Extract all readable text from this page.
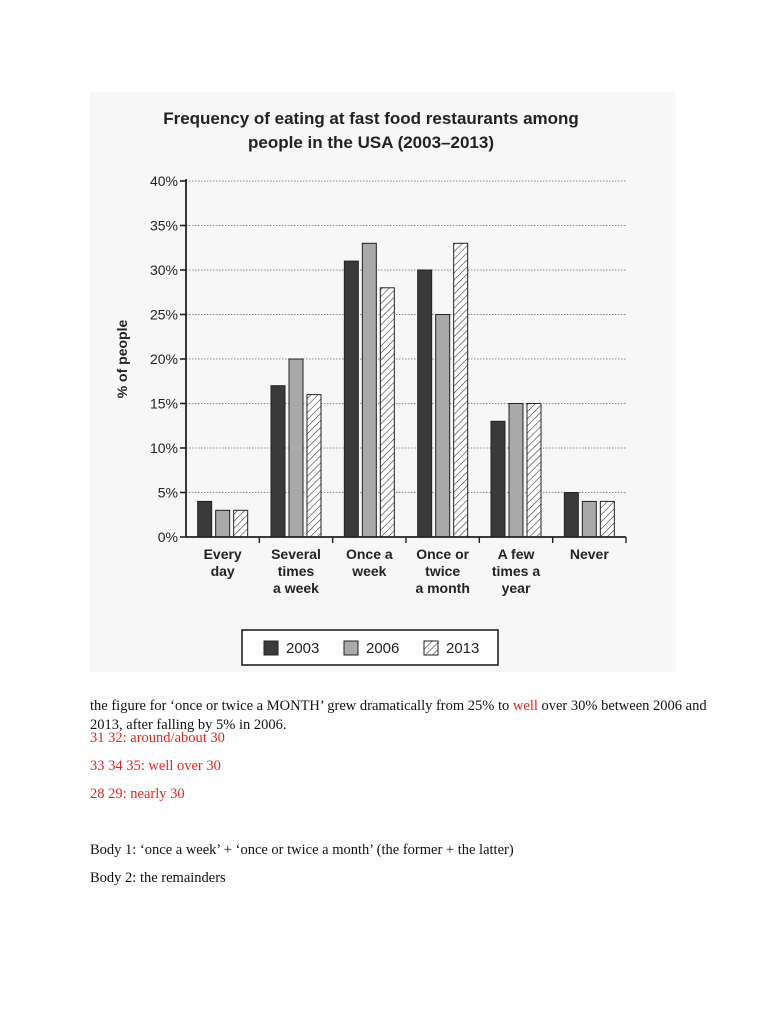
Frequency of eating at fast food restaurants among
people in the USA (2003–2013)
0%
5%
10%
15%
20%
25%
30%
35%
40%
Every
day
Several
times
a week
Once a
week
Once or
twice
a month
A few
times a
year
Never
% of people
2003	2006	2013

the figure for ‘once or twice a MONTH’ grew dramatically from 25% to well over 30% between 2006 and 2013, after falling by 5% in 2006.

31 32: around/about 30
33 34 35: well over 30
28 29: nearly 30
Body 1: ‘once a week’ + ‘once or twice a month’ (the former + the latter)
Body 2: the remainders
